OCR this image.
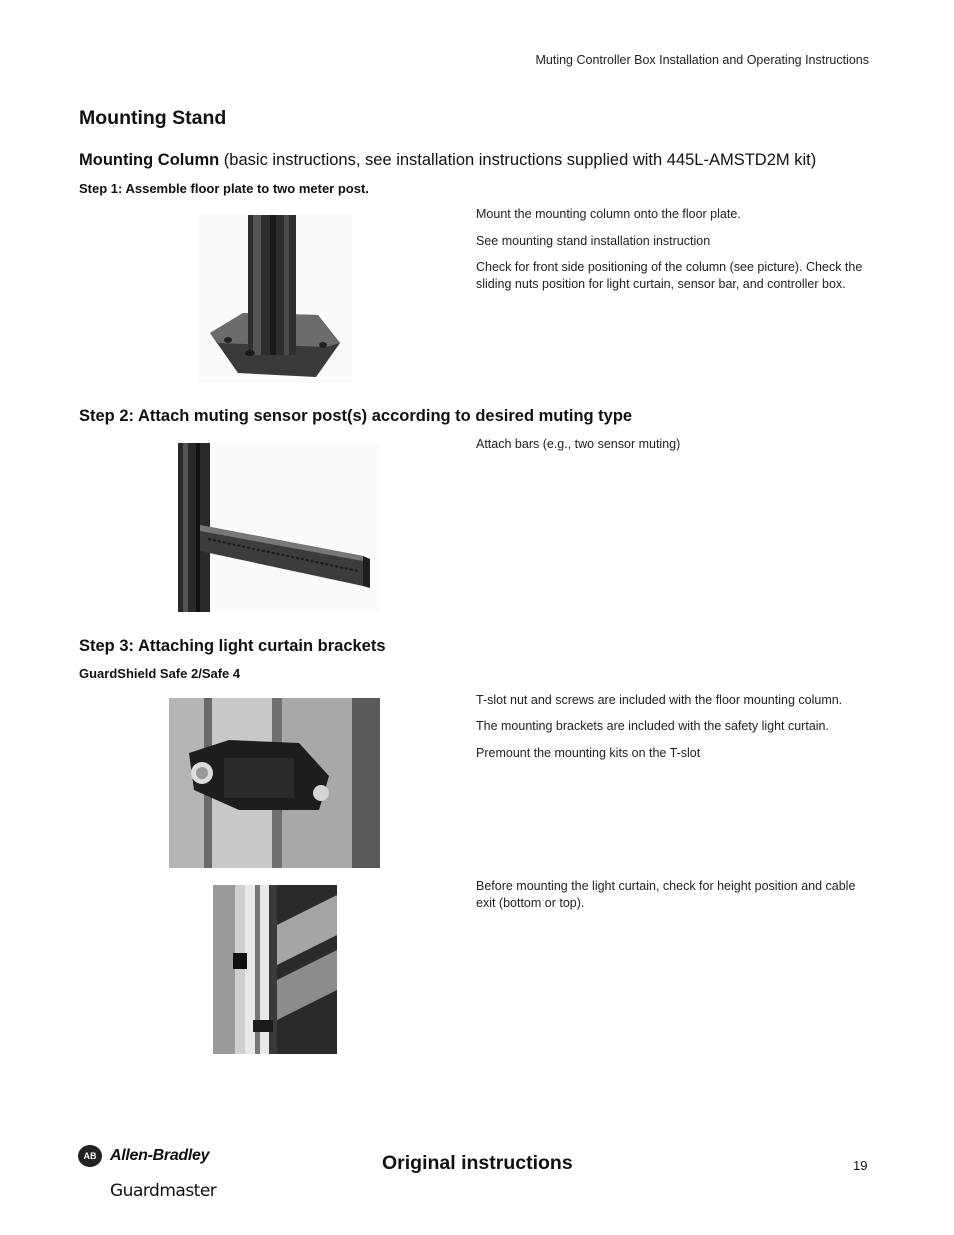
Muting Controller Box Installation and Operating Instructions
Mounting Stand
Mounting Column (basic instructions, see installation instructions supplied with 445L-AMSTD2M kit)
Step 1: Assemble floor plate to two meter post.
Mount the mounting column onto the floor plate.
See mounting stand installation instruction
Check for front side positioning of the column (see picture). Check the sliding nuts position for light curtain, sensor bar, and controller box.
Step 2: Attach muting sensor post(s) according to desired muting type
Attach bars (e.g., two sensor muting)
Step 3: Attaching light curtain brackets
GuardShield Safe 2/Safe 4
T-slot nut and screws are included with the floor mounting column.
The mounting brackets are included with the safety light curtain.
Premount the mounting kits on the T-slot
Before mounting the light curtain, check for height position and cable exit (bottom or top).
AB Allen-Bradley
Guardmaster
Original instructions	19
